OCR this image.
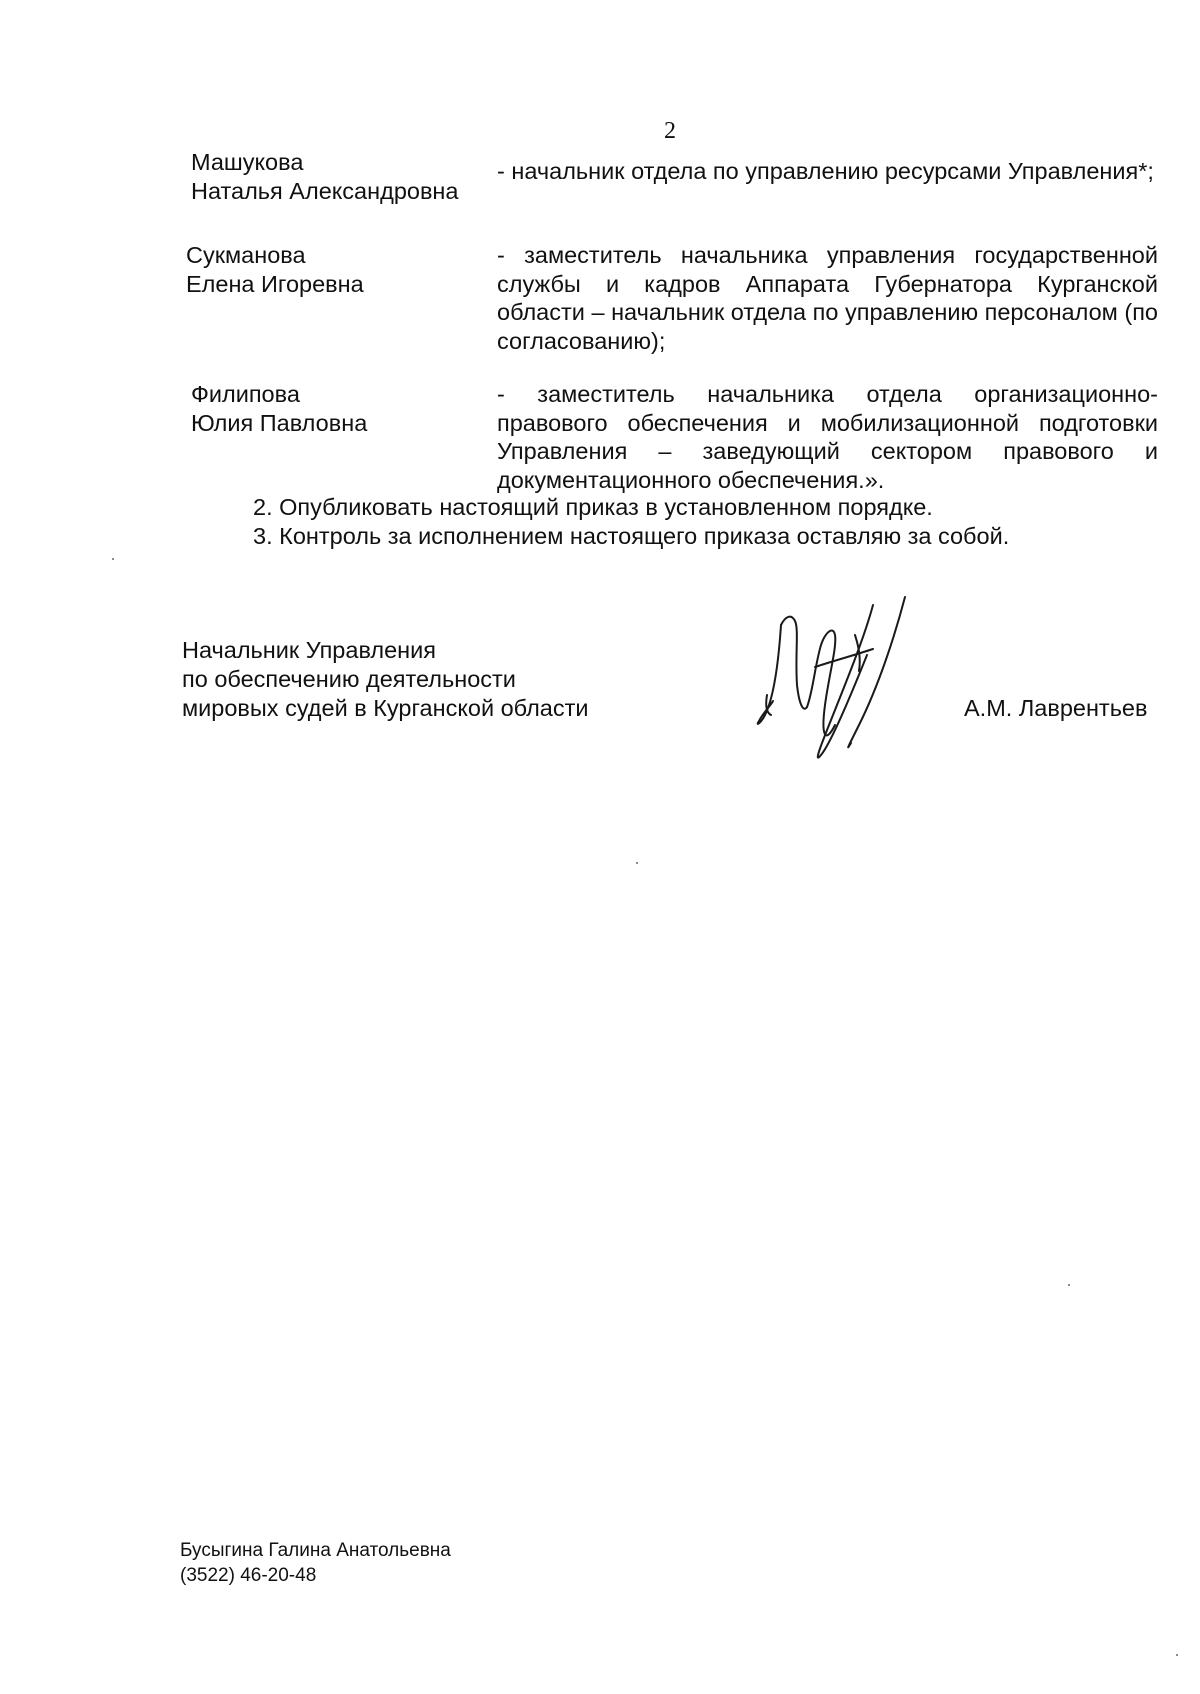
2
Машукова
Наталья Александровна
- начальник отдела по управлению ресурсами Управления*;
Сукманова
Елена Игоревна
- заместитель начальника управления государственной службы и кадров Аппарата Губернатора Курганской области – начальник отдела по управлению персоналом (по согласованию);
Филипова
Юлия Павловна
- заместитель начальника отдела организационно-правового обеспечения и мобилизационной подготовки Управления – заведующий сектором правового и документационного обеспечения.».
2. Опубликовать настоящий приказ в установленном порядке.
3. Контроль за исполнением настоящего приказа оставляю за собой.
Начальник Управления
по обеспечению деятельности
мировых судей в Курганской области	А.М. Лаврентьев
Бусыгина Галина Анатольевна
(3522) 46-20-48
